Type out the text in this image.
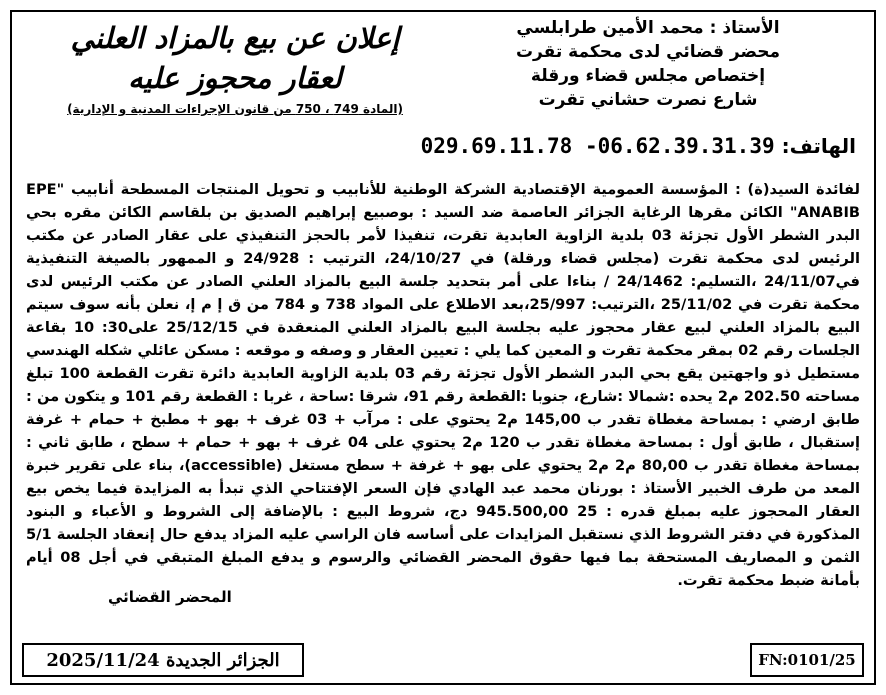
الأستاذ : محمد الأمين طرابلسي
محضر قضائي لدى محكمة تقرت
إختصاص مجلس قضاء ورقلة
شارع نصرت حشاني تقرت
إعلان عن بيع بالمزاد العلني
لعقار محجوز عليه
(المادة 749 ، 750 من قانون الإجراءات المدنية و الإدارية)
الهاتف: 029.69.11.78 -06.62.39.31.39

لفائدة السيد(ة) : المؤسسة العمومية الإقتصادية الشركة الوطنية للأنابيب و تحويل المنتجات المسطحة أنابيب "EPE ANABIB" الكائن مقرها الرغاية الجزائر العاصمة ضد السيد : بوصبيع إبراهيم الصديق بن بلقاسم الكائن مقره بحي البدر الشطر الأول تجزئة 03 بلدية الزاوية العابدية تقرت، تنفيذا لأمر بالحجز التنفيذي على عقار الصادر عن مكتب الرئيس لدى محكمة تقرت (مجلس قضاء ورقلة) في 24/10/27، الترتيب : 24/928 و الممهور بالصيغة التنفيذية في24/11/07 ،التسليم: 24/1462 / بناءا على أمر بتحديد جلسة البيع بالمزاد العلني الصادر عن مكتب الرئيس لدى محكمة تقرت في 25/11/02 ،الترتيب: 25/997،بعد الاطلاع على المواد 738 و 784 من ق إ م إ، نعلن بأنه سوف سيتم البيع بالمزاد العلني لبيع عقار محجوز عليه بجلسة البيع بالمزاد العلني المنعقدة في 25/12/15 على30: 10 بقاعة الجلسات رقم 02 بمقر محكمة تقرت و المعين كما يلي : تعيين العقار و وصفه و موقعه : مسكن عائلي شكله الهندسي مستطيل ذو واجهتين يقع بحي البدر الشطر الأول تجزئة رقم 03 بلدية الزاوية العابدية دائرة تقرت القطعة 100 تبلغ مساحته 202.50 م2 يحده :شمالا :شارع، جنوبا :القطعة رقم 91، شرقا :ساحة ، غربا : القطعة رقم 101 و يتكون من : طابق ارضي : بمساحة مغطاة تقدر ب 145,00 م2 يحتوي على : مرآب + 03 غرف + بهو + مطبخ + حمام + غرفة إستقبال ، طابق أول : بمساحة مغطاة تقدر ب 120 م2 يحتوي على 04 غرف + بهو + حمام + سطح ، طابق ثاني : بمساحة مغطاة تقدر ب 80,00 م2 م2 يحتوي على بهو + غرفة + سطح مستغل (accessible)، بناء على تقرير خبرة المعد من طرف الخبير الأستاذ : بورنان محمد عبد الهادي فإن السعر الإفتتاحي الذي تبدأ به المزايدة فيما يخص بيع العقار المحجوز عليه بمبلغ قدره : 25 945.500,00 دج، شروط البيع : بالإضافة إلى الشروط و الأعباء و البنود المذكورة في دفتر الشروط الذي نستقبل المزايدات على أساسه فان الراسي عليه المزاد يدفع حال إنعقاد الجلسة 5/1 الثمن و المصاريف المستحقة بما فيها حقوق المحضر القضائي والرسوم و يدفع المبلغ المتبقي في أجل 08 أيام بأمانة ضبط محكمة تقرت.

المحضر القضائي
الجزائر الجديدة 2025/11/24	FN:0101/25
